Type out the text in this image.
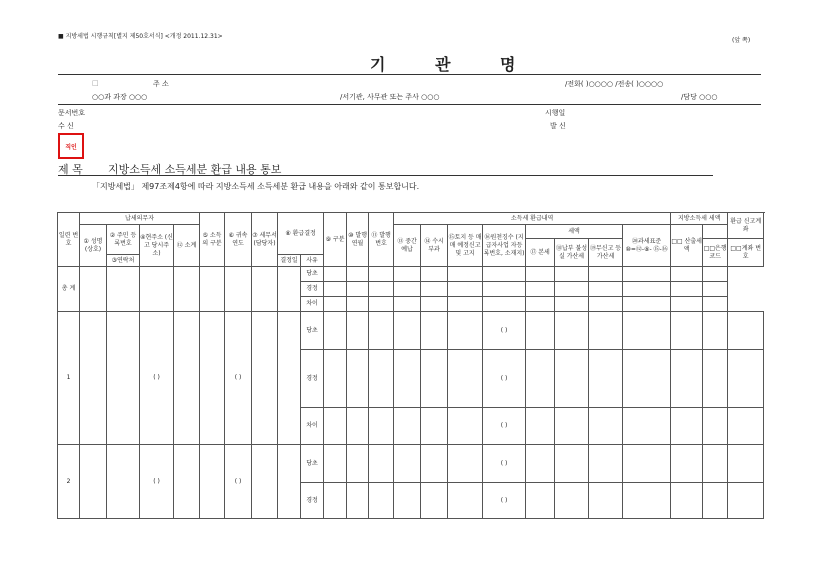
■ 지방세법 시행규칙[별지 제50호서식] <개정 2011.12.31>
(앞 쪽)
기 관 명
□	주 소	/전화( )○○○○ /전송( )○○○○
○○과 과장 ○○○	/서기관, 사무관 또는 주사 ○○○	/담당 ○○○
문서번호	시행일
수 신	발 신
직인
제 목 지방소득세 소득세분 환급 내용 통보
「지방세법」 제97조제4항에 따라 지방소득세 소득세분 환급 내용을 아래와 같이 통보합니다.
일련 번호	납세의무자				⑤ 소득의 구분	⑥ 귀속 연도	⑦ 세무서 (담당자)	⑧ 환급결정		⑨ 구분	⑩ 발행 연월	⑪ 발행 번호	소득세 환급내역								지방소득세 세액		환급 신고계좌
	① 성명 (상호)	② 주민 등록번호	④현주소 (신고 당시주소)	⑫ 소계									⑬ 중간 예납	⑭ 수시 부과	⑮토지 등 매매 예정신고 및 고지	⑯원천징수 (지급자사업 자등록번호, 소재지)	세액			⑳과세표준 ⑩=⑫-⑧- ⑮-⑯	□□ 산출세액		
																	⑰ 본세	⑱납부 불성실 가산세	⑲무신고 등 가산세			□□은행 코드	□□계좌 번호
		③연락처						결정일	사유														
총 계									당초														
									경정														
									차이														
1			( )			( )			당초							( )							
									경정							( )							
									차이							( )							
2			( )			( )			당초							( )							
									경정							( )							
